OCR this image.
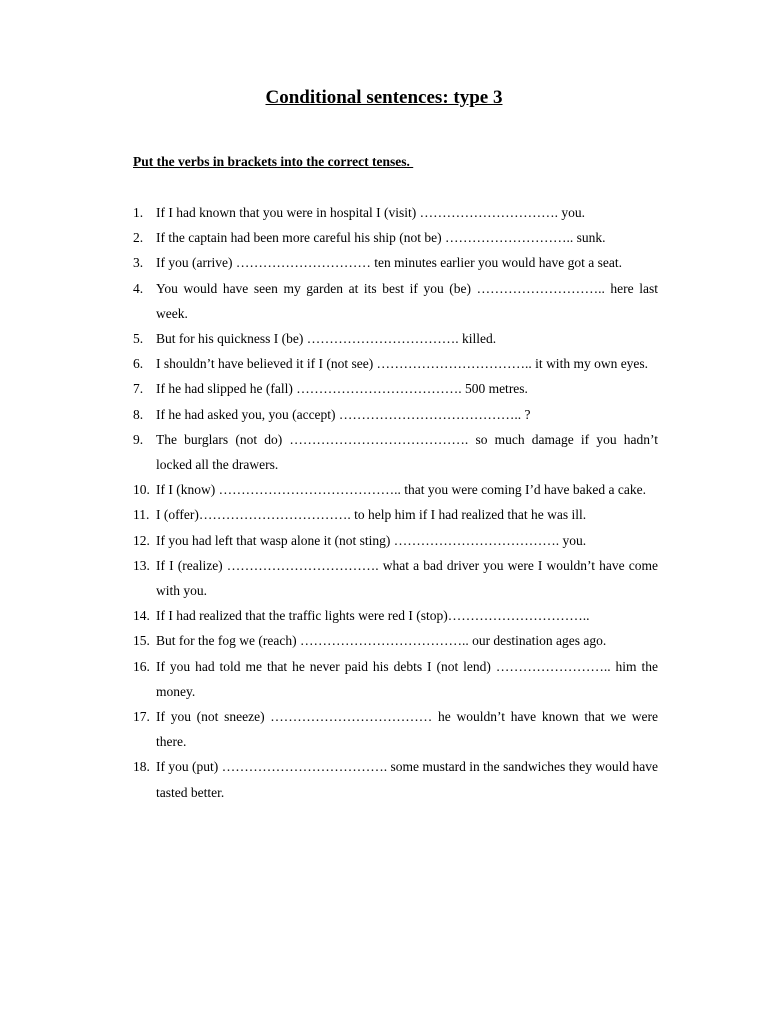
Conditional sentences: type 3
Put the verbs in brackets into the correct tenses.
1. If I had known that you were in hospital I (visit) …………………………. you.
2. If the captain had been more careful his ship (not be) ……………………….. sunk.
3. If you (arrive) ………………………… ten minutes earlier you would have got a seat.
4. You would have seen my garden at its best if you (be) ……………………….. here last week.
5. But for his quickness I (be) ……………………………. killed.
6. I shouldn’t have believed it if I (not see) …………………………….. it with my own eyes.
7. If he had slipped he (fall) ………………………………. 500 metres.
8. If he had asked you, you (accept) ………………………………….. ?
9. The burglars (not do) …………………………………. so much damage if you hadn’t locked all the drawers.
10. If I (know) ………………………………….. that you were coming I’d have baked a cake.
11. I (offer)……………………………. to help him if I had realized that he was ill.
12. If you had left that wasp alone it (not sting) ………………………………. you.
13. If I (realize) ……………………………. what a bad driver you were I wouldn’t have come with you.
14. If I had realized that the traffic lights were red I (stop)…………………………..
15. But for the fog we (reach) ……………………………….. our destination ages ago.
16. If you had told me that he never paid his debts I (not lend) …………………….. him the money.
17. If you (not sneeze) ……………………………… he wouldn’t have known that we were there.
18. If you (put) ………………………………. some mustard in the sandwiches they would have tasted better.
